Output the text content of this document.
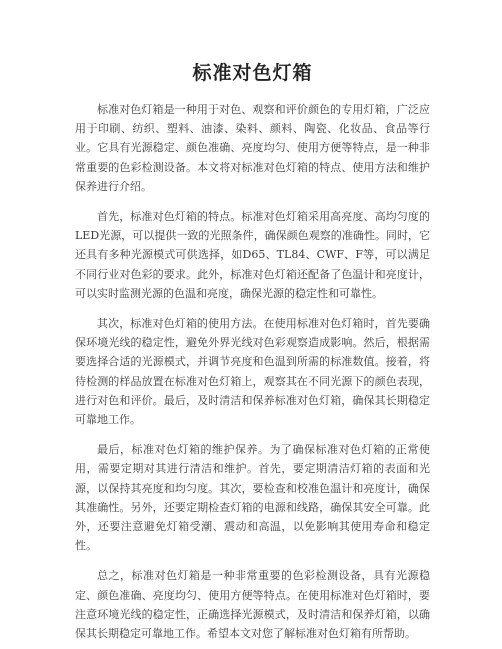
标准对色灯箱

标准对色灯箱是一种用于对色、观察和评价颜色的专用灯箱，广泛应用于印刷、纺织、塑料、油漆、染料、颜料、陶瓷、化妆品、食品等行业。它具有光源稳定、颜色准确、亮度均匀、使用方便等特点，是一种非常重要的色彩检测设备。本文将对标准对色灯箱的特点、使用方法和维护保养进行介绍。

首先，标准对色灯箱的特点。标准对色灯箱采用高亮度、高均匀度的LED光源，可以提供一致的光照条件，确保颜色观察的准确性。同时，它还具有多种光源模式可供选择，如D65、TL84、CWF、F等，可以满足不同行业对色彩的要求。此外，标准对色灯箱还配备了色温计和亮度计，可以实时监测光源的色温和亮度，确保光源的稳定性和可靠性。

其次，标准对色灯箱的使用方法。在使用标准对色灯箱时，首先要确保环境光线的稳定性，避免外界光线对色彩观察造成影响。然后，根据需要选择合适的光源模式，并调节亮度和色温到所需的标准数值。接着，将待检测的样品放置在标准对色灯箱上，观察其在不同光源下的颜色表现，进行对色和评价。最后，及时清洁和保养标准对色灯箱，确保其长期稳定可靠地工作。

最后，标准对色灯箱的维护保养。为了确保标准对色灯箱的正常使用，需要定期对其进行清洁和维护。首先，要定期清洁灯箱的表面和光源，以保持其亮度和均匀度。其次，要检查和校准色温计和亮度计，确保其准确性。另外，还要定期检查灯箱的电源和线路，确保其安全可靠。此外，还要注意避免灯箱受潮、震动和高温，以免影响其使用寿命和稳定性。

总之，标准对色灯箱是一种非常重要的色彩检测设备，具有光源稳定、颜色准确、亮度均匀、使用方便等特点。在使用标准对色灯箱时，要注意环境光线的稳定性，正确选择光源模式，及时清洁和保养灯箱，以确保其长期稳定可靠地工作。希望本文对您了解标准对色灯箱有所帮助。
